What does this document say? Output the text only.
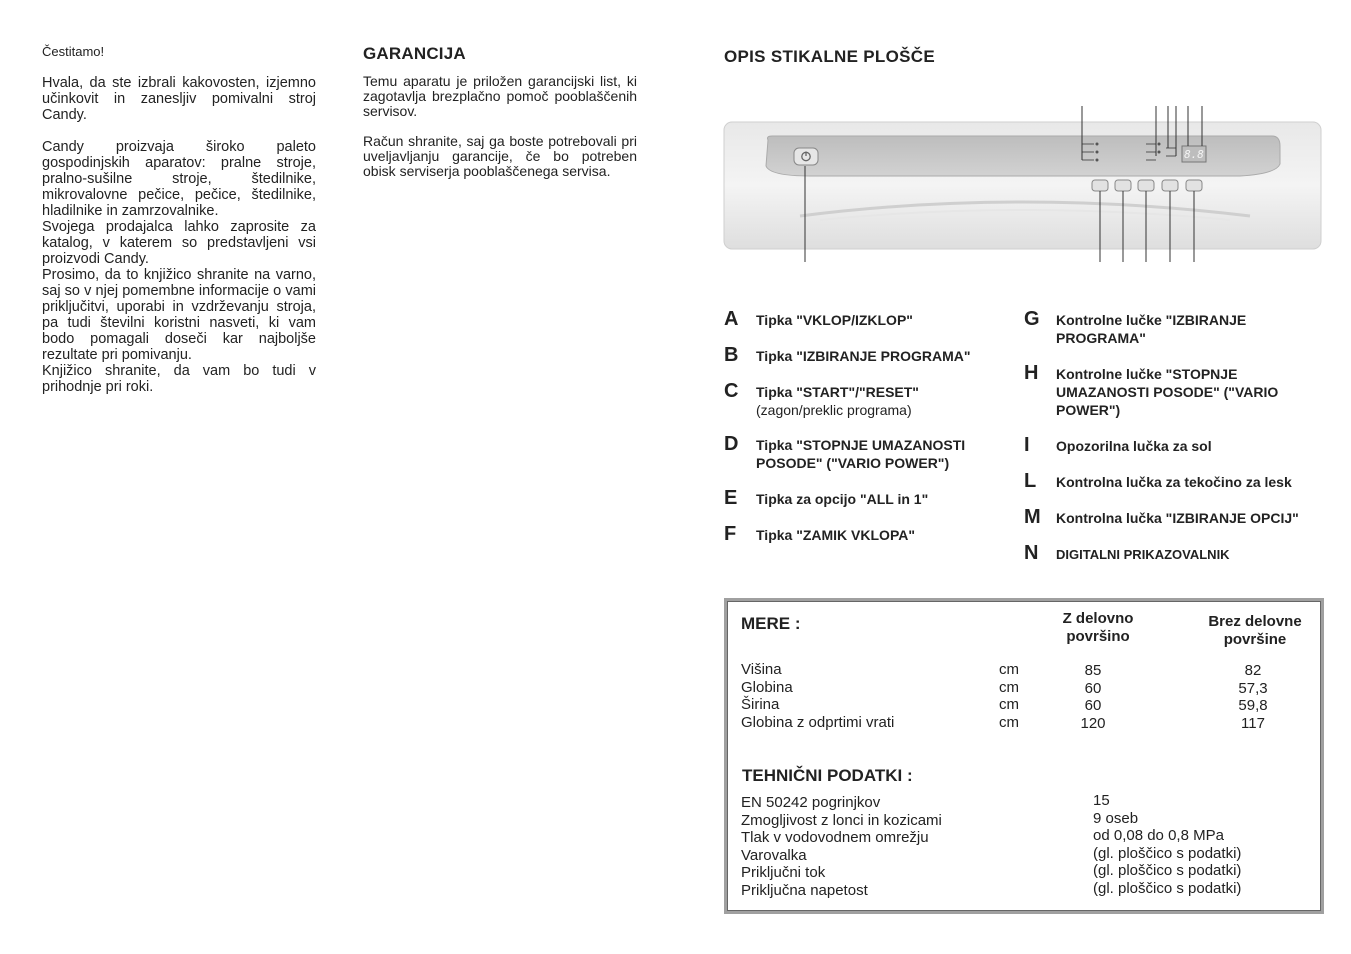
Čestitamo!

Hvala, da ste izbrali kakovosten, izjemno učinkovit in zanesljiv pomivalni stroj Candy.

Candy proizvaja široko paleto gospodinjskih aparatov: pralne stroje, pralno-sušilne stroje, štedilnike, mikrovalovne pečice, pečice, štedilnike, hladilnike in zamrzovalnike.

Svojega prodajalca lahko zaprosite za katalog, v katerem so predstavljeni vsi proizvodi Candy.

Prosimo, da to knjižico shranite na varno, saj so v njej pomembne informacije o vami priključitvi, uporabi in vzdrževanju stroja, pa tudi številni koristni nasveti, ki vam bodo pomagali doseči kar najboljše rezultate pri pomivanju.

Knjižico shranite, da vam bo tudi v prihodnje pri roki.

GARANCIJA

Temu aparatu je priložen garancijski list, ki zagotavlja brezplačno pomoč pooblaščenih servisov.

Račun shranite, saj ga boste potrebovali pri uveljavljanju garancije, če bo potreben obisk serviserja pooblaščenega servisa.

OPIS STIKALNE PLOŠČE
8.8
A Tipka "VKLOP/IZKLOP"
B Tipka "IZBIRANJE PROGRAMA"
C Tipka "START"/"RESET"
(zagon/preklic programa)
D Tipka "STOPNJE UMAZANOSTI POSODE" ("VARIO POWER")
E Tipka za opcijo "ALL in 1"
F Tipka "ZAMIK VKLOPA"
G Kontrolne lučke "IZBIRANJE PROGRAMA"
H Kontrolne lučke "STOPNJE UMAZANOSTI POSODE" ("VARIO POWER")
I Opozorilna lučka za sol
L Kontrolna lučka za tekočino za lesk
M Kontrolna lučka "IZBIRANJE OPCIJ"
N DIGITALNI PRIKAZOVALNIK
MERE :	Z delovno površino
Brez delovne površine
Višina
Globina
Širina
Globina z odprtimi vrati
cm
cm
cm
cm
85
60
60
120
82
57,3
59,8
117
TEHNIČNI PODATKI :
EN 50242 pogrinjkov
Zmogljivost z lonci in kozicami
Tlak v vodovodnem omrežju
Varovalka
Priključni tok
Priključna napetost
15
9 oseb
od 0,08 do 0,8 MPa
(gl. ploščico s podatki)
(gl. ploščico s podatki)
(gl. ploščico s podatki)
